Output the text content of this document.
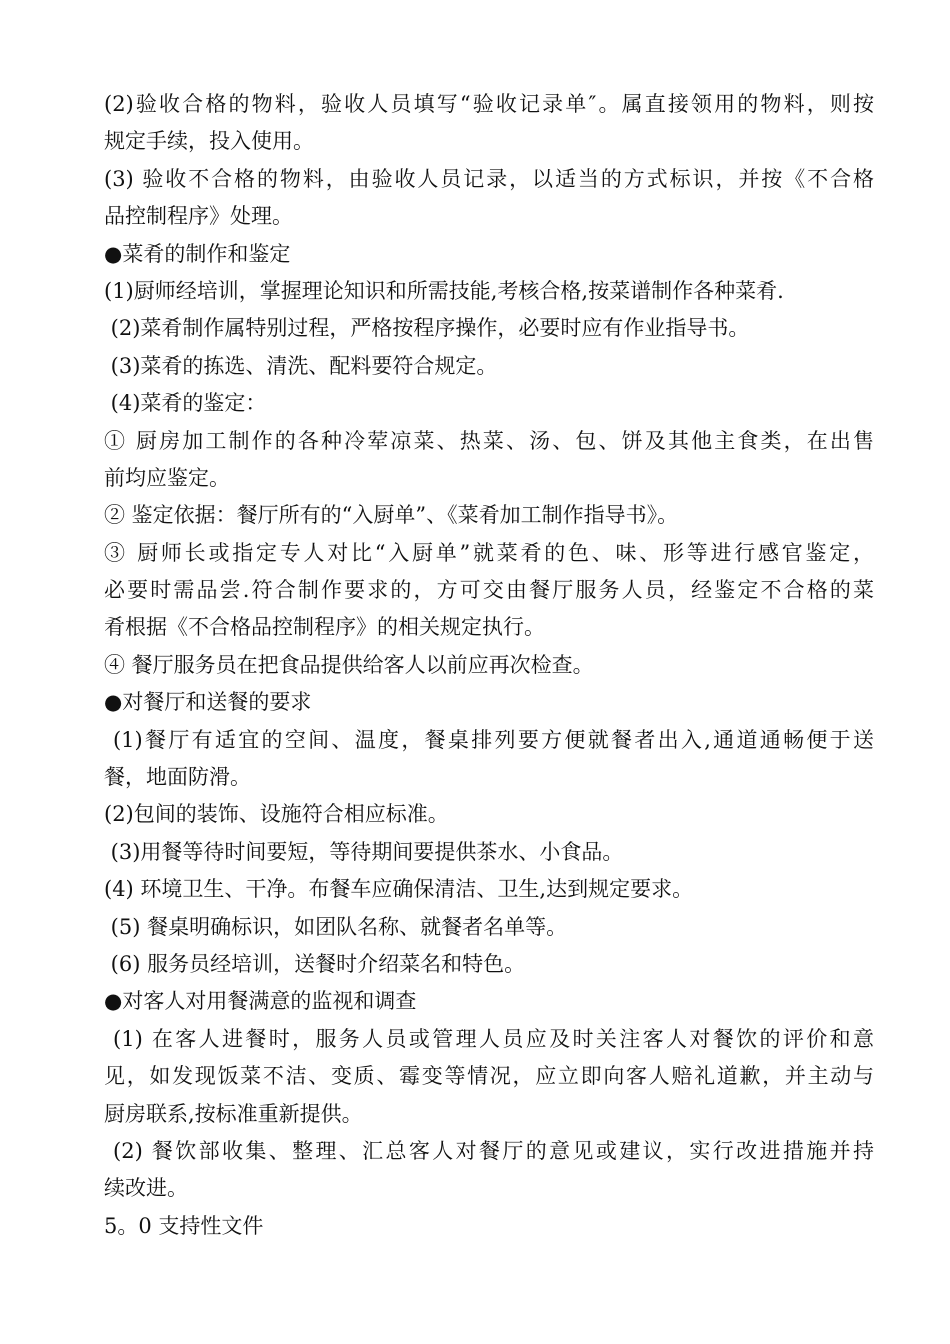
(2)验收合格的物料，验收人员填写“验收记录单″。属直接领用的物料，则按
规定手续，投入使用。
(3) 验收不合格的物料，由验收人员记录，以适当的方式标识，并按《不合格
品控制程序》处理。
●菜肴的制作和鉴定
(1)厨师经培训，掌握理论知识和所需技能,考核合格,按菜谱制作各种菜肴.
(2)菜肴制作属特别过程，严格按程序操作，必要时应有作业指导书。
(3)菜肴的拣选、清洗、配料要符合规定。
(4)菜肴的鉴定：
① 厨房加工制作的各种冷荤凉菜、热菜、汤、包、饼及其他主食类，在出售
前均应鉴定。
② 鉴定依据：餐厅所有的“入厨单”、《菜肴加工制作指导书》。
③ 厨师长或指定专人对比“入厨单”就菜肴的色、味、形等进行感官鉴定，
必要时需品尝.符合制作要求的，方可交由餐厅服务人员，经鉴定不合格的菜
肴根据《不合格品控制程序》的相关规定执行。
④ 餐厅服务员在把食品提供给客人以前应再次检查。
●对餐厅和送餐的要求
(1)餐厅有适宜的空间、温度，餐桌排列要方便就餐者出入,通道通畅便于送
餐，地面防滑。
(2)包间的装饰、设施符合相应标准。
(3)用餐等待时间要短，等待期间要提供茶水、小食品。
(4) 环境卫生、干净。布餐车应确保清洁、卫生,达到规定要求。
(5) 餐桌明确标识，如团队名称、就餐者名单等。
(6) 服务员经培训，送餐时介绍菜名和特色。
●对客人对用餐满意的监视和调查
(1) 在客人进餐时，服务人员或管理人员应及时关注客人对餐饮的评价和意
见，如发现饭菜不洁、变质、霉变等情况，应立即向客人赔礼道歉，并主动与
厨房联系,按标准重新提供。
(2) 餐饮部收集、整理、汇总客人对餐厅的意见或建议，实行改进措施并持
续改进。
5。0 支持性文件
